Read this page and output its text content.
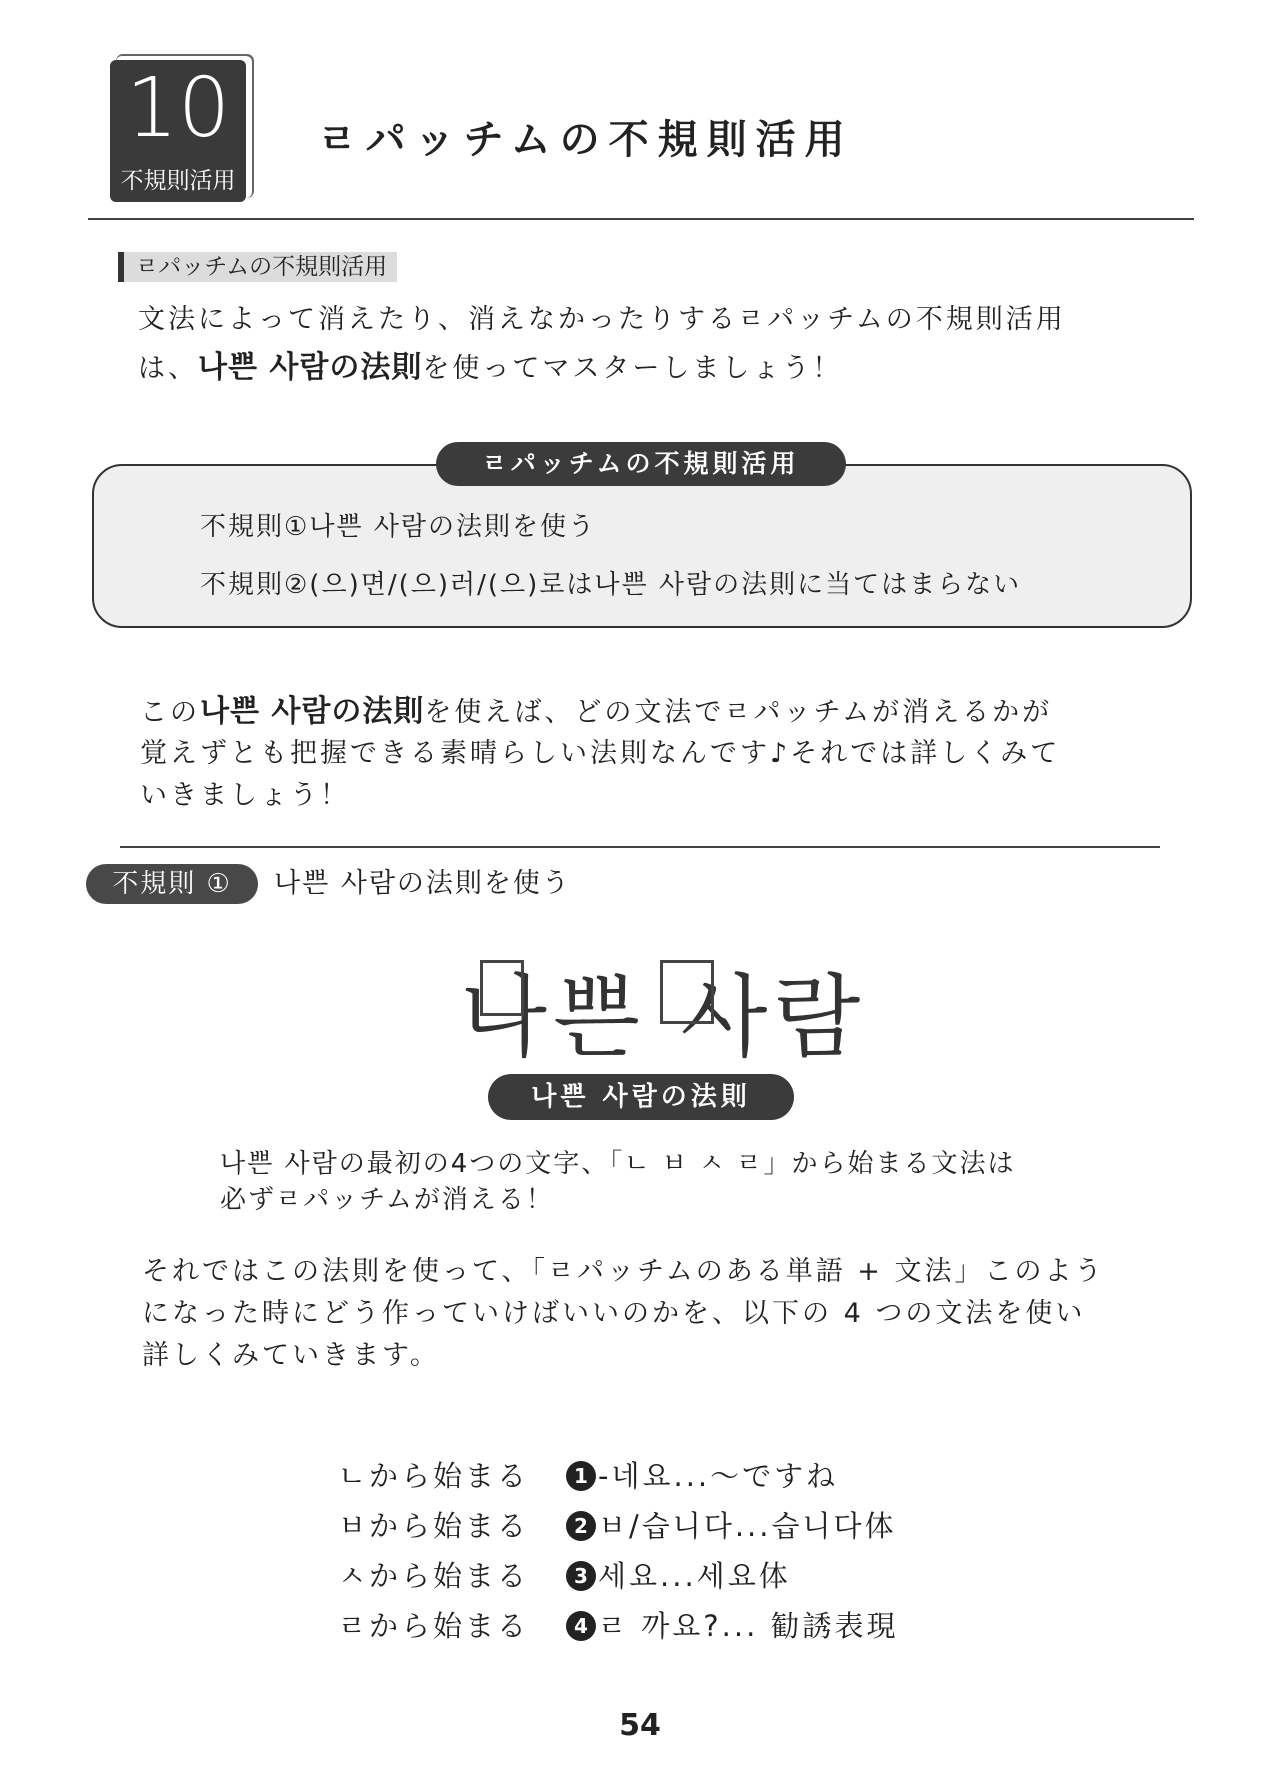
10
不規則活用
ㄹパッチムの不規則活用
ㄹパッチムの不規則活用
文法によって消えたり、消えなかったりするㄹパッチムの不規則活用
は、나쁜 사람の法則を使ってマスターしましょう！
ㄹパッチムの不規則活用
不規則①나쁜 사람の法則を使う
不規則②(으)면/(으)러/(으)로は나쁜 사람の法則に当てはまらない
この나쁜 사람の法則を使えば、どの文法でㄹパッチムが消えるかが
覚えずとも把握できる素晴らしい法則なんです♪それでは詳しくみて
いきましょう！
不規則 ①	나쁜 사람の法則を使う
나쁜 사람
나쁜 사람の法則
나쁜 사람の最初の4つの文字、「ㄴ ㅂ ㅅ ㄹ」から始まる文法は
必ずㄹパッチムが消える！
それではこの法則を使って、「ㄹパッチムのある単語 + 文法」このよう
になった時にどう作っていけばいいのかを、以下の 4 つの文法を使い
詳しくみていきます。
ㄴから始まる	1 -네요...～ですね
ㅂから始まる	2 ㅂ/습니다...습니다体
ㅅから始まる	3 세요...세요体
ㄹから始まる	4 ㄹ 까요?... 勧誘表現
54
